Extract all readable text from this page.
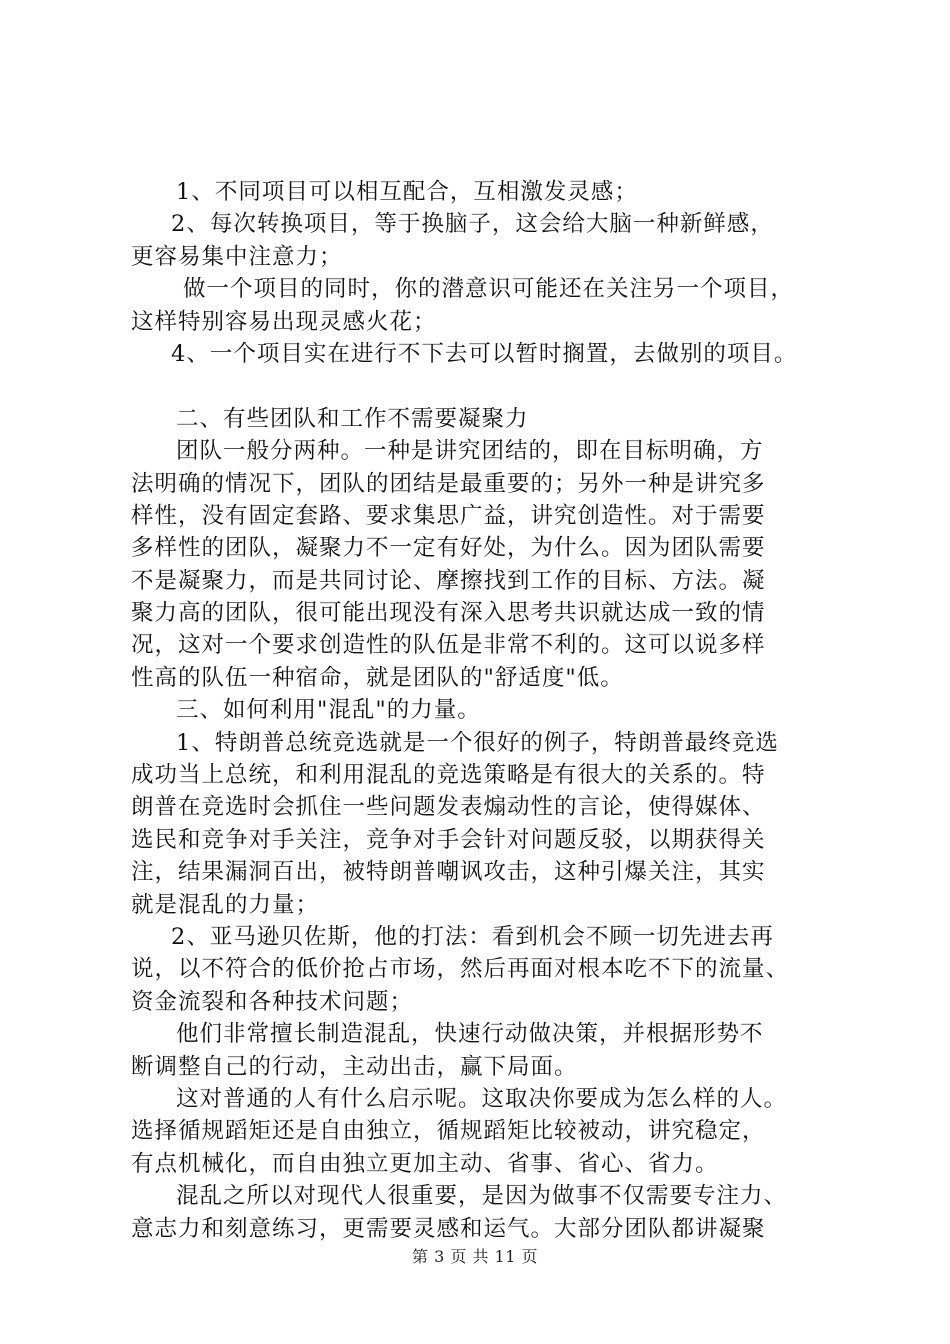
1、不同项目可以相互配合，互相激发灵感；
2、每次转换项目，等于换脑子，这会给大脑一种新鲜感，
更容易集中注意力；
做一个项目的同时，你的潜意识可能还在关注另一个项目，
这样特别容易出现灵感火花；
4、一个项目实在进行不下去可以暂时搁置，去做别的项目。
二、有些团队和工作不需要凝聚力
团队一般分两种。一种是讲究团结的，即在目标明确，方
法明确的情况下，团队的团结是最重要的；另外一种是讲究多
样性，没有固定套路、要求集思广益，讲究创造性。对于需要
多样性的团队，凝聚力不一定有好处，为什么。因为团队需要
不是凝聚力，而是共同讨论、摩擦找到工作的目标、方法。凝
聚力高的团队，很可能出现没有深入思考共识就达成一致的情
况，这对一个要求创造性的队伍是非常不利的。这可以说多样
性高的队伍一种宿命，就是团队的"舒适度"低。
三、如何利用"混乱"的力量。
1、特朗普总统竞选就是一个很好的例子，特朗普最终竞选
成功当上总统，和利用混乱的竞选策略是有很大的关系的。特
朗普在竞选时会抓住一些问题发表煽动性的言论，使得媒体、
选民和竞争对手关注，竞争对手会针对问题反驳，以期获得关
注，结果漏洞百出，被特朗普嘲讽攻击，这种引爆关注，其实
就是混乱的力量；
2、亚马逊贝佐斯，他的打法：看到机会不顾一切先进去再
说，以不符合的低价抢占市场，然后再面对根本吃不下的流量、
资金流裂和各种技术问题；
他们非常擅长制造混乱，快速行动做决策，并根据形势不
断调整自己的行动，主动出击，赢下局面。
这对普通的人有什么启示呢。这取决你要成为怎么样的人。
选择循规蹈矩还是自由独立，循规蹈矩比较被动，讲究稳定，
有点机械化，而自由独立更加主动、省事、省心、省力。
混乱之所以对现代人很重要，是因为做事不仅需要专注力、
意志力和刻意练习，更需要灵感和运气。大部分团队都讲凝聚
第 3 页 共 11 页
